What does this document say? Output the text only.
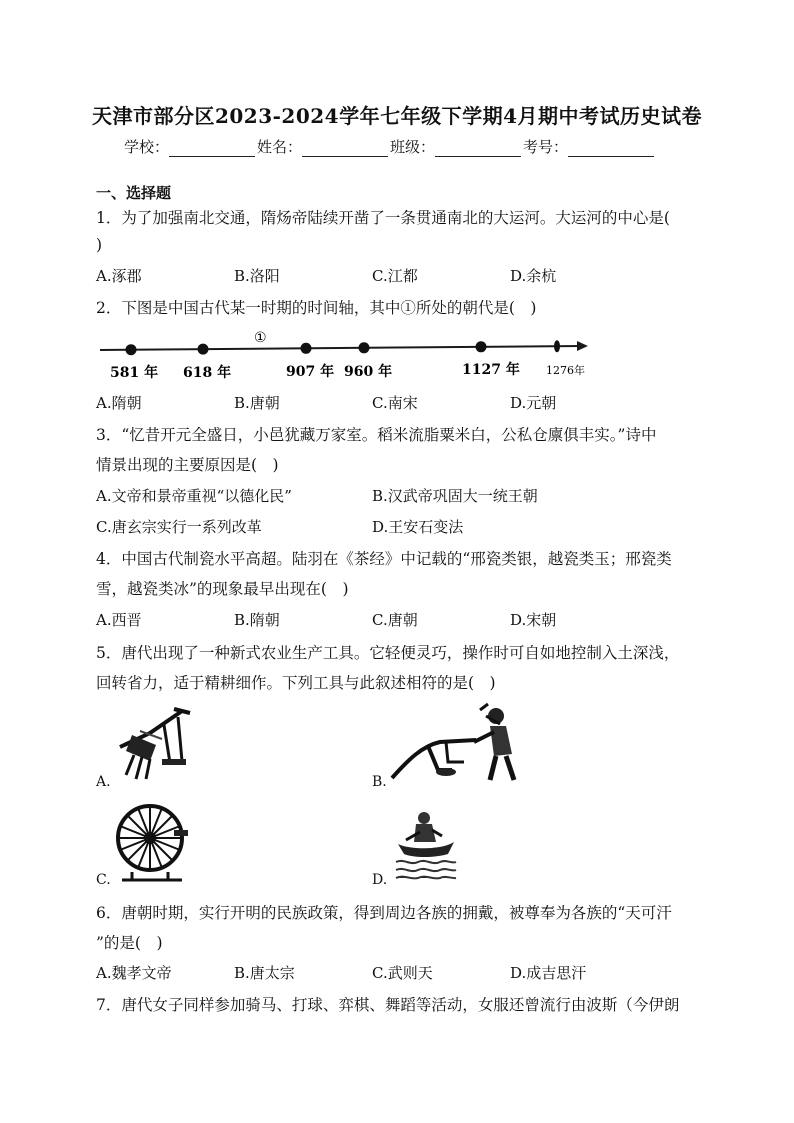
天津市部分区2023-2024学年七年级下学期4月期中考试历史试卷
学校：	姓名：	班级：	考号：
一、选择题
1．为了加强南北交通，隋炀帝陆续开凿了一条贯通南北的大运河。大运河的中心是(
)
A.涿郡	B.洛阳	C.江都	D.余杭
2．下图是中国古代某一时期的时间轴，其中①所处的朝代是(　)
①
581 年 618 年	907 年 960 年	1127 年 1276年
A.隋朝	B.唐朝	C.南宋	D.元朝
3．“忆昔开元全盛日，小邑犹藏万家室。稻米流脂粟米白，公私仓廪俱丰实。”诗中
情景出现的主要原因是(　)
A.文帝和景帝重视“以德化民”	B.汉武帝巩固大一统王朝
C.唐玄宗实行一系列改革	D.王安石变法
4．中国古代制瓷水平高超。陆羽在《茶经》中记载的“邢瓷类银，越瓷类玉；邢瓷类
雪，越瓷类冰”的现象最早出现在(　)
A.西晋	B.隋朝	C.唐朝	D.宋朝
5．唐代出现了一种新式农业生产工具。它轻便灵巧，操作时可自如地控制入土深浅，
回转省力，适于精耕细作。下列工具与此叙述相符的是(　)
A.	B.
C.	D.
6．唐朝时期，实行开明的民族政策，得到周边各族的拥戴，被尊奉为各族的“天可汗
”的是(　)
A.魏孝文帝	B.唐太宗	C.武则天	D.成吉思汗
7．唐代女子同样参加骑马、打球、弈棋、舞蹈等活动，女服还曾流行由波斯（今伊朗
